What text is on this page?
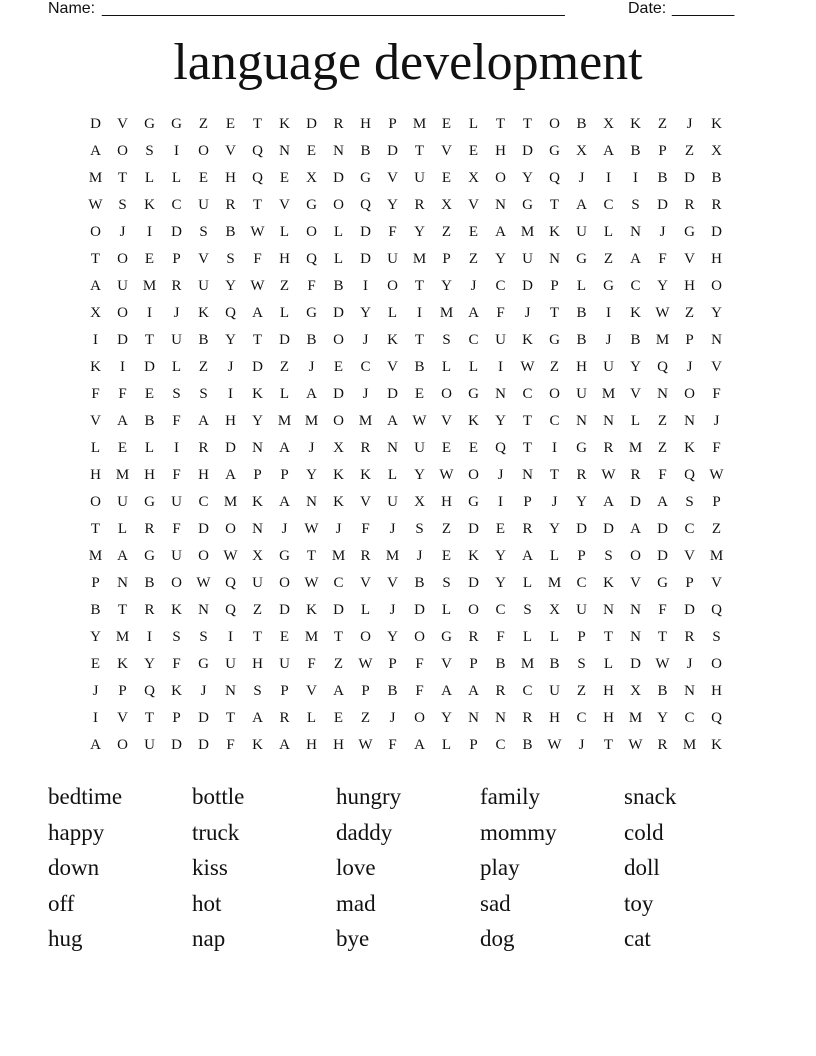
Name: ____________________________________________________	Date: _______
language development
D	V	G	G	Z	E	T	K	D	R	H	P	M	E	L	T	T	O	B	X	K	Z	J	K
A	O	S	I	O	V	Q	N	E	N	B	D	T	V	E	H	D	G	X	A	B	P	Z	X
M	T	L	L	E	H	Q	E	X	D	G	V	U	E	X	O	Y	Q	J	I	I	B	D	B
W	S	K	C	U	R	T	V	G	O	Q	Y	R	X	V	N	G	T	A	C	S	D	R	R
O	J	I	D	S	B W	L	O	L	D	F	Y	Z	E	A M K	U	L	N	J	G	D
T	O	E	P	V	S	F	H	Q	L	D	U M	P	Z	Y	U	N	G	Z	A	F	V	H
A	U M	R	U	Y W	Z	F	B	I	O	T	Y	J	C	D	P	L	G	C	Y	H	O
X	O	I	J	K	Q	A	L	G	D	Y	L	I	M A	F	J	T	B	I	K W	Z	Y
I	D	T	U	B	Y	T	D	B	O	J	K	T	S	C	U	K	G	B	J	B	M	P	N
K	I	D	L	Z	J	D	Z	J	E	C	V	B	L	L	I	W	Z	H	U	Y	Q	J	V
F	F	E	S	S	I	K	L	A	D	J	D	E	O	G	N	C	O	U M V	N	O	F
V	A	B	F	A	H	Y M M O M A W V	K	Y	T	C	N	N	L	Z	N	J
L	E	L	I	R	D	N	A	J	X	R	N	U	E	E	Q	T	I	G	R	M	Z	K	F
H M H	F	H	A	P	P	Y	K	K	L	Y W O	J	N	T	R W R	F	Q W
O	U	G	U	C	M K	A	N	K	V	U	X	H	G	I	P	J	Y	A	D	A	S	P
T	L	R	F	D	O	N	J	W	J	F	J	S	Z	D	E	R	Y	D	D	A	D	C	Z
M A	G	U	O W X	G	T	M	R	M	J	E	K	Y	A	L	P	S	O	D	V M
P	N	B	O W Q	U	O W C	V	V	B	S	D	Y	L	M	C	K	V	G	P	V
B	T	R	K	N	Q	Z	D	K	D	L	J	D	L	O	C	S	X	U	N	N	F	D	Q
Y M	I	S	S	I	T	E	M	T	O	Y	O	G	R	F	L	L	P	T	N	T	R	S
E	K	Y	F	G	U	H	U	F	Z	W	P	F	V	P	B	M	B	S	L	D W	J	O
J	P	Q	K	J	N	S	P	V	A	P	B	F	A	A	R	C	U	Z	H	X	B	N	H
I	V	T	P	D	T	A	R	L	E	Z	J	O	Y	N	N	R	H	C	H M Y	C	Q
A	O	U	D	D	F	K	A	H	H W	F	A	L	P	C	B W	J	T	W R	M K
bedtime	bottle	hungry	family	snack
happy	truck	daddy	mommy	cold
down	kiss	love	play	doll
off	hot	mad	sad	toy
hug	nap	bye	dog	cat
